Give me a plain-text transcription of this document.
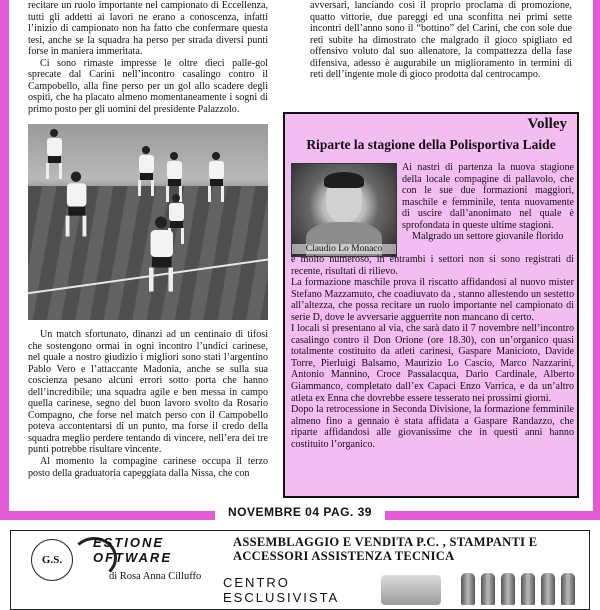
recitare un ruolo importante nel campionato di Eccellenza, tutti gli addetti ai lavori ne erano a conoscenza, infatti l’inizio di campionato non ha fatto che confermare questa tesi, anche se la squadra ha perso per strada diversi punti forse in maniera immeritata.

Ci sono rimaste impresse le oltre dieci palle-gol sprecate dal Carini nell’incontro casalingo contro il Campobello, alla fine perso per un gol allo scadere degli ospiti, che ha placato almeno momentaneamente i sogni di primo posto per gli uomini del presidente Palazzolo.

avversari, lanciando così il proprio proclama di promozione, quatto vittorie, due pareggi ed una sconfitta nei primi sette incontri dell’anno sono il “bottino” del Carini, che con sole due reti subite ha dimostrato che malgrado il gioco spigliato ed offensivo voluto dal suo allenatore, la compattezza della fase difensiva, adesso è augurabile un miglioramento in termini di reti dell’ingente mole di gioco prodotta dal centrocampo.

Un match sfortunato, dinanzi ad un centinaio di tifosi che sostengono ormai in ogni incontro l’undici carinese, nel quale a nostro giudizio i migliori sono stati l’argentino Pablo Vero e l’attaccante Madonia, anche se sulla sua coscienza pesano alcuni errori sotto porta che hanno dell’incredibile; una squadra agile e ben messa in campo quella carinese, segno del buon lavoro svolto da Rosario Compagno, che forse nel match perso con il Campobello poteva accontentarsi di un punto, ma forse il credo della squadra meglio perdere tentando di vincere, nell’era dei tre punti potrebbe risultare vincente.

Al momento la compagine carinese occupa il terzo posto della graduatoria capeggiata dalla Nissa, che con

Volley
Riparte la stagione della Polisportiva Laide
Claudio Lo Monaco

Ai nastri di partenza la nuova stagione della locale compagine di pallavolo, che con le sue due formazioni maggiori, maschile e femminile, tenta nuovamente di uscire dall’anonimato nel quale è sprofondata in queste ultime stagioni.

Malgrado un settore giovanile florido

e molto numeroso, in entrambi i settori non si sono registrati di recente, risultati di rilievo.

La formazione maschile prova il riscatto affidandosi al nuovo mister Stefano Mazzamuto, che coadiuvato da , stanno allestendo un sestetto all’altezza, che possa recitare un ruolo importante nel campionato di serie D, dove le avversarie agguerrite non mancano di certo.

I locali si presentano al via, che sarà dato il 7 novembre nell’incontro casalingo contro il Don Orione (ore 18.30), con un’organico quasi totalmente costituito da atleti carinesi, Gaspare Manicioto, Davide Torre, Pierluigi Balsamo, Maurizio Lo Cascio, Marco Nazzarini, Antonio Mannino, Croce Passalacqua, Dario Cardinale, Alberto Giammanco, completato dall’ex Capaci Enzo Varrica, e da un’altro atleta ex Enna che dovrebbe essere tesserato nei prossimi giorni.

Dopo la retrocessione in Seconda Divisione, la formazione femminile almeno fino a gennaio è stata affidata a Gaspare Randazzo, che riparte affidandosi alle giovanissime che in questi anni hanno costituito l’organico.

NOVEMBRE 04 PAG. 39
G.S.
ESTIONE
OFTWARE
di Rosa Anna Cilluffo
ASSEMBLAGGIO E VENDITA P.C. , STAMPANTI E ACCESSORI ASSISTENZA TECNICA
CENTRO
ESCLUSIVISTA
